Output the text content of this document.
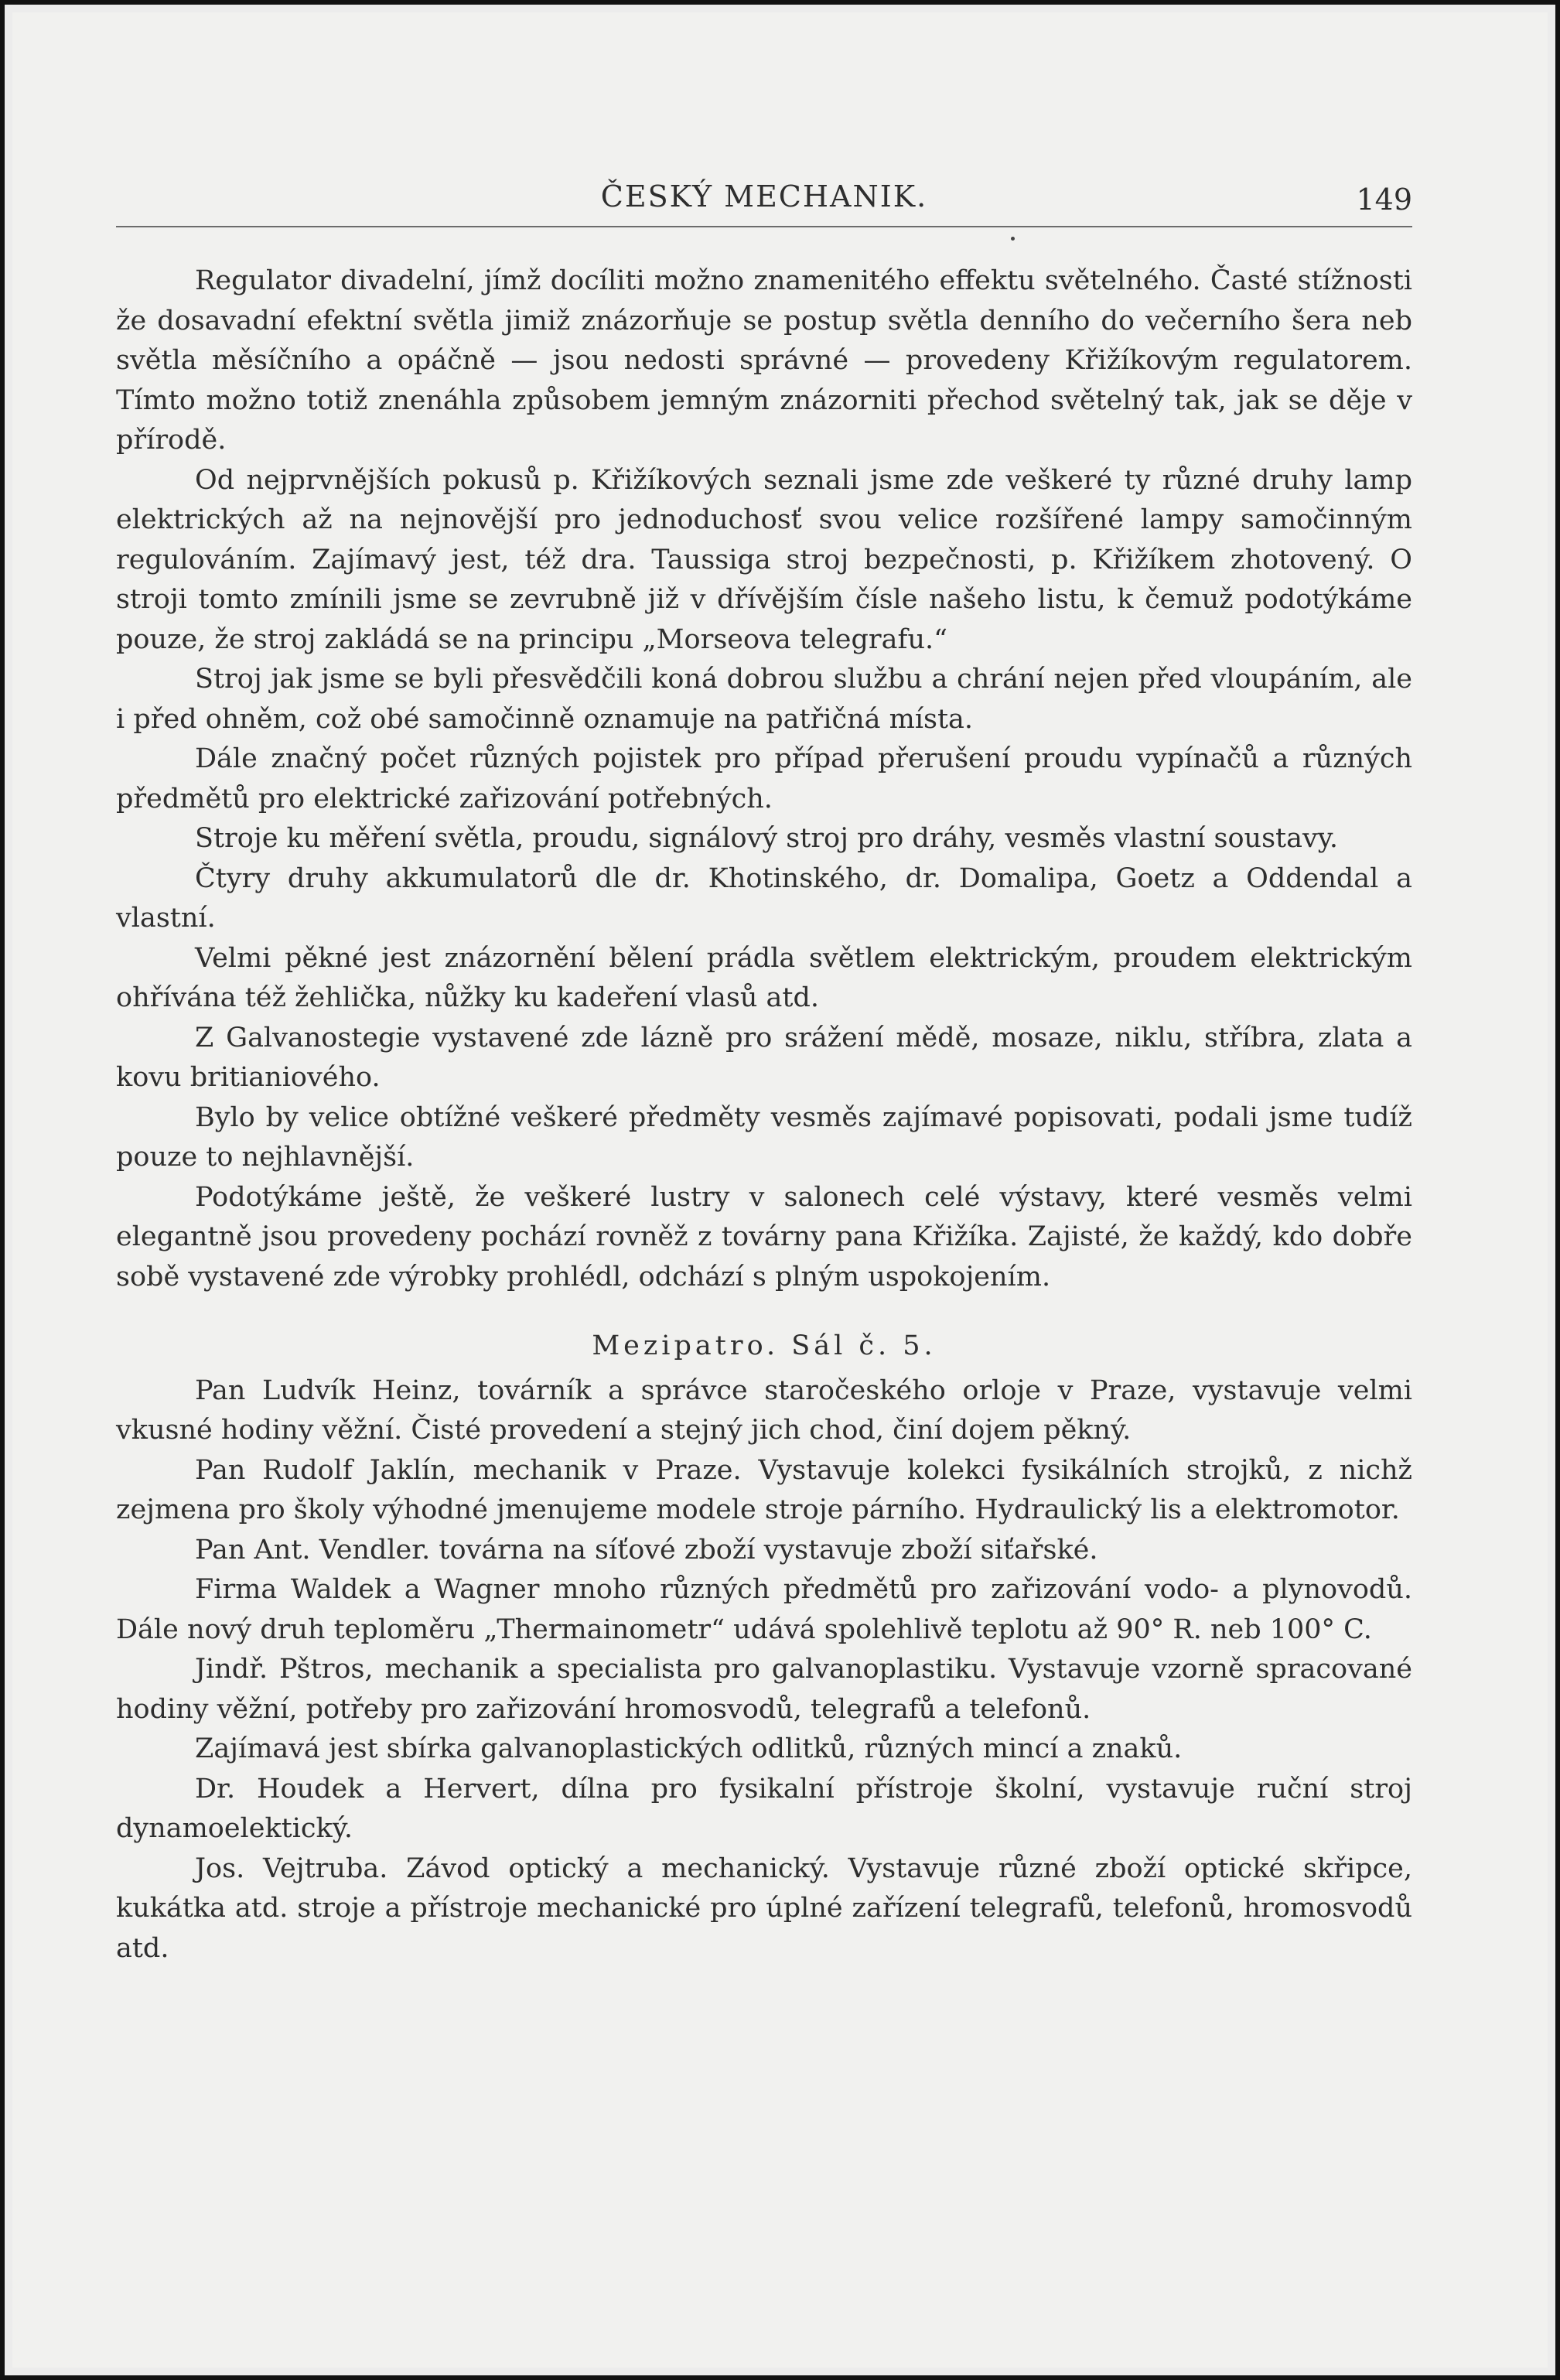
ČESKÝ MECHANIK.	149

Regulator divadelní, jímž docíliti možno znamenitého effektu světelného. Časté stížnosti že dosavadní efektní světla jimiž znázorňuje se postup světla denního do večerního šera neb světla měsíčního a opáčně — jsou nedosti správné — provedeny Křižíkovým regulatorem. Tímto možno totiž znenáhla způsobem jemným znázorniti přechod světelný tak, jak se děje v přírodě.

Od nejprvnějších pokusů p. Křižíkových seznali jsme zde veškeré ty různé druhy lamp elektrických až na nejnovější pro jednoduchosť svou velice rozšířené lampy samočinným regulováním. Zajímavý jest, též dra. Taussiga stroj bezpečnosti, p. Křižíkem zhotovený. O stroji tomto zmínili jsme se zevrubně již v dřívějším čísle našeho listu, k čemuž podotýkáme pouze, že stroj zakládá se na principu „Morseova telegrafu.“

Stroj jak jsme se byli přesvědčili koná dobrou službu a chrání nejen před vloupáním, ale i před ohněm, což obé samočinně oznamuje na patřičná místa.

Dále značný počet různých pojistek pro případ přerušení proudu vypínačů a různých předmětů pro elektrické zařizování potřebných.

Stroje ku měření světla, proudu, signálový stroj pro dráhy, vesměs vlastní soustavy.

Čtyry druhy akkumulatorů dle dr. Khotinského, dr. Domalipa, Goetz a Oddendal a vlastní.

Velmi pěkné jest znázornění bělení prádla světlem elektrickým, proudem elektrickým ohřívána též žehlička, nůžky ku kadeření vlasů atd.

Z Galvanostegie vystavené zde lázně pro srážení mědě, mosaze, niklu, stříbra, zlata a kovu britianiového.

Bylo by velice obtížné veškeré předměty vesměs zajímavé popisovati, podali jsme tudíž pouze to nejhlavnější.

Podotýkáme ještě, že veškeré lustry v salonech celé výstavy, které vesměs velmi elegantně jsou provedeny pochází rovněž z továrny pana Křižíka. Zajisté, že každý, kdo dobře sobě vystavené zde výrobky prohlédl, odchází s plným uspokojením.

Mezipatro. Sál č. 5.

Pan Ludvík Heinz, továrník a správce staročeského orloje v Praze, vystavuje velmi vkusné hodiny věžní. Čisté provedení a stejný jich chod, činí dojem pěkný.

Pan Rudolf Jaklín, mechanik v Praze. Vystavuje kolekci fysikálních strojků, z nichž zejmena pro školy výhodné jmenujeme modele stroje párního. Hydraulický lis a elektromotor.

Pan Ant. Vendler. továrna na síťové zboží vystavuje zboží siťařské.

Firma Waldek a Wagner mnoho různých předmětů pro zařizování vodo- a plynovodů. Dále nový druh teploměru „Thermainometr“ udává spolehlivě teplotu až 90° R. neb 100° C.

Jindř. Pštros, mechanik a specialista pro galvanoplastiku. Vystavuje vzorně spracované hodiny věžní, potřeby pro zařizování hromosvodů, telegrafů a telefonů.

Zajímavá jest sbírka galvanoplastických odlitků, různých mincí a znaků.

Dr. Houdek a Hervert, dílna pro fysikalní přístroje školní, vystavuje ruční stroj dynamoelektický.

Jos. Vejtruba. Závod optický a mechanický. Vystavuje různé zboží optické skřipce, kukátka atd. stroje a přístroje mechanické pro úplné zařízení telegrafů, telefonů, hromosvodů atd.
